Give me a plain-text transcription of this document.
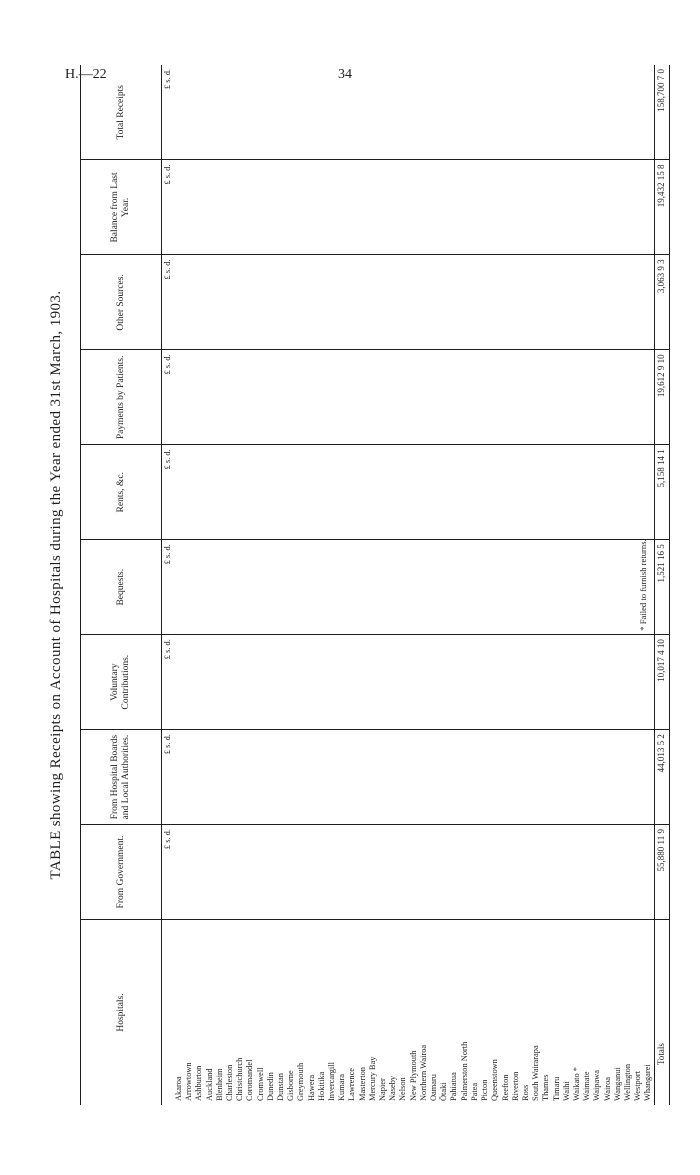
H.—22	34
TABLE showing Receipts on Account of Hospitals during the Year ended 31st March, 1903.
Hospitals.	From Government.	From Hospital Boards and Local Authorities.	Voluntary Contributions.	Bequests.	Rents, &c.	Payments by Patients.	Other Sources.	Balance from Last Year.	Total Receipts
	£ s. d.	£ s. d.	£ s. d.	£ s. d.	£ s. d.	£ s. d.	£ s. d.	£ s. d.	£ s. d.
Akaroa									
Arrowtown									
Ashburton									
Auckland									
Blenheim									
Charleston									
Christchurch									
Coromandel									
Cromwell									
Dunedin									
Dunstan									
Gisborne									
Greymouth									
Hawera									
Hokitika									
Invercargill									
Kumara									
Lawrence									
Masterton									
Mercury Bay									
Napier									
Naseby									
Nelson									
New Plymouth									
Northern Wairoa									
Oamaru									
Ōtaki									
Pahiatua									
Palmerston North									
Patea									
Picton									
Queenstown									
Reefton									
Riverton									
Ross									
South Wairarapa									
Thames									
Timaru									
Waihi									
Waikato *									
Waimate									
Waipawa									
Wairoa									
Wanganui									
Wellington									
Westport									
Whangarei									
Totals	55,880 11 9	44,013 5 2	10,017 4 10	1,521 16 5	5,158 14 1	19,612 9 10	3,063 9 3	19,432 15 8	158,700 7 0
* Failed to furnish returns.
